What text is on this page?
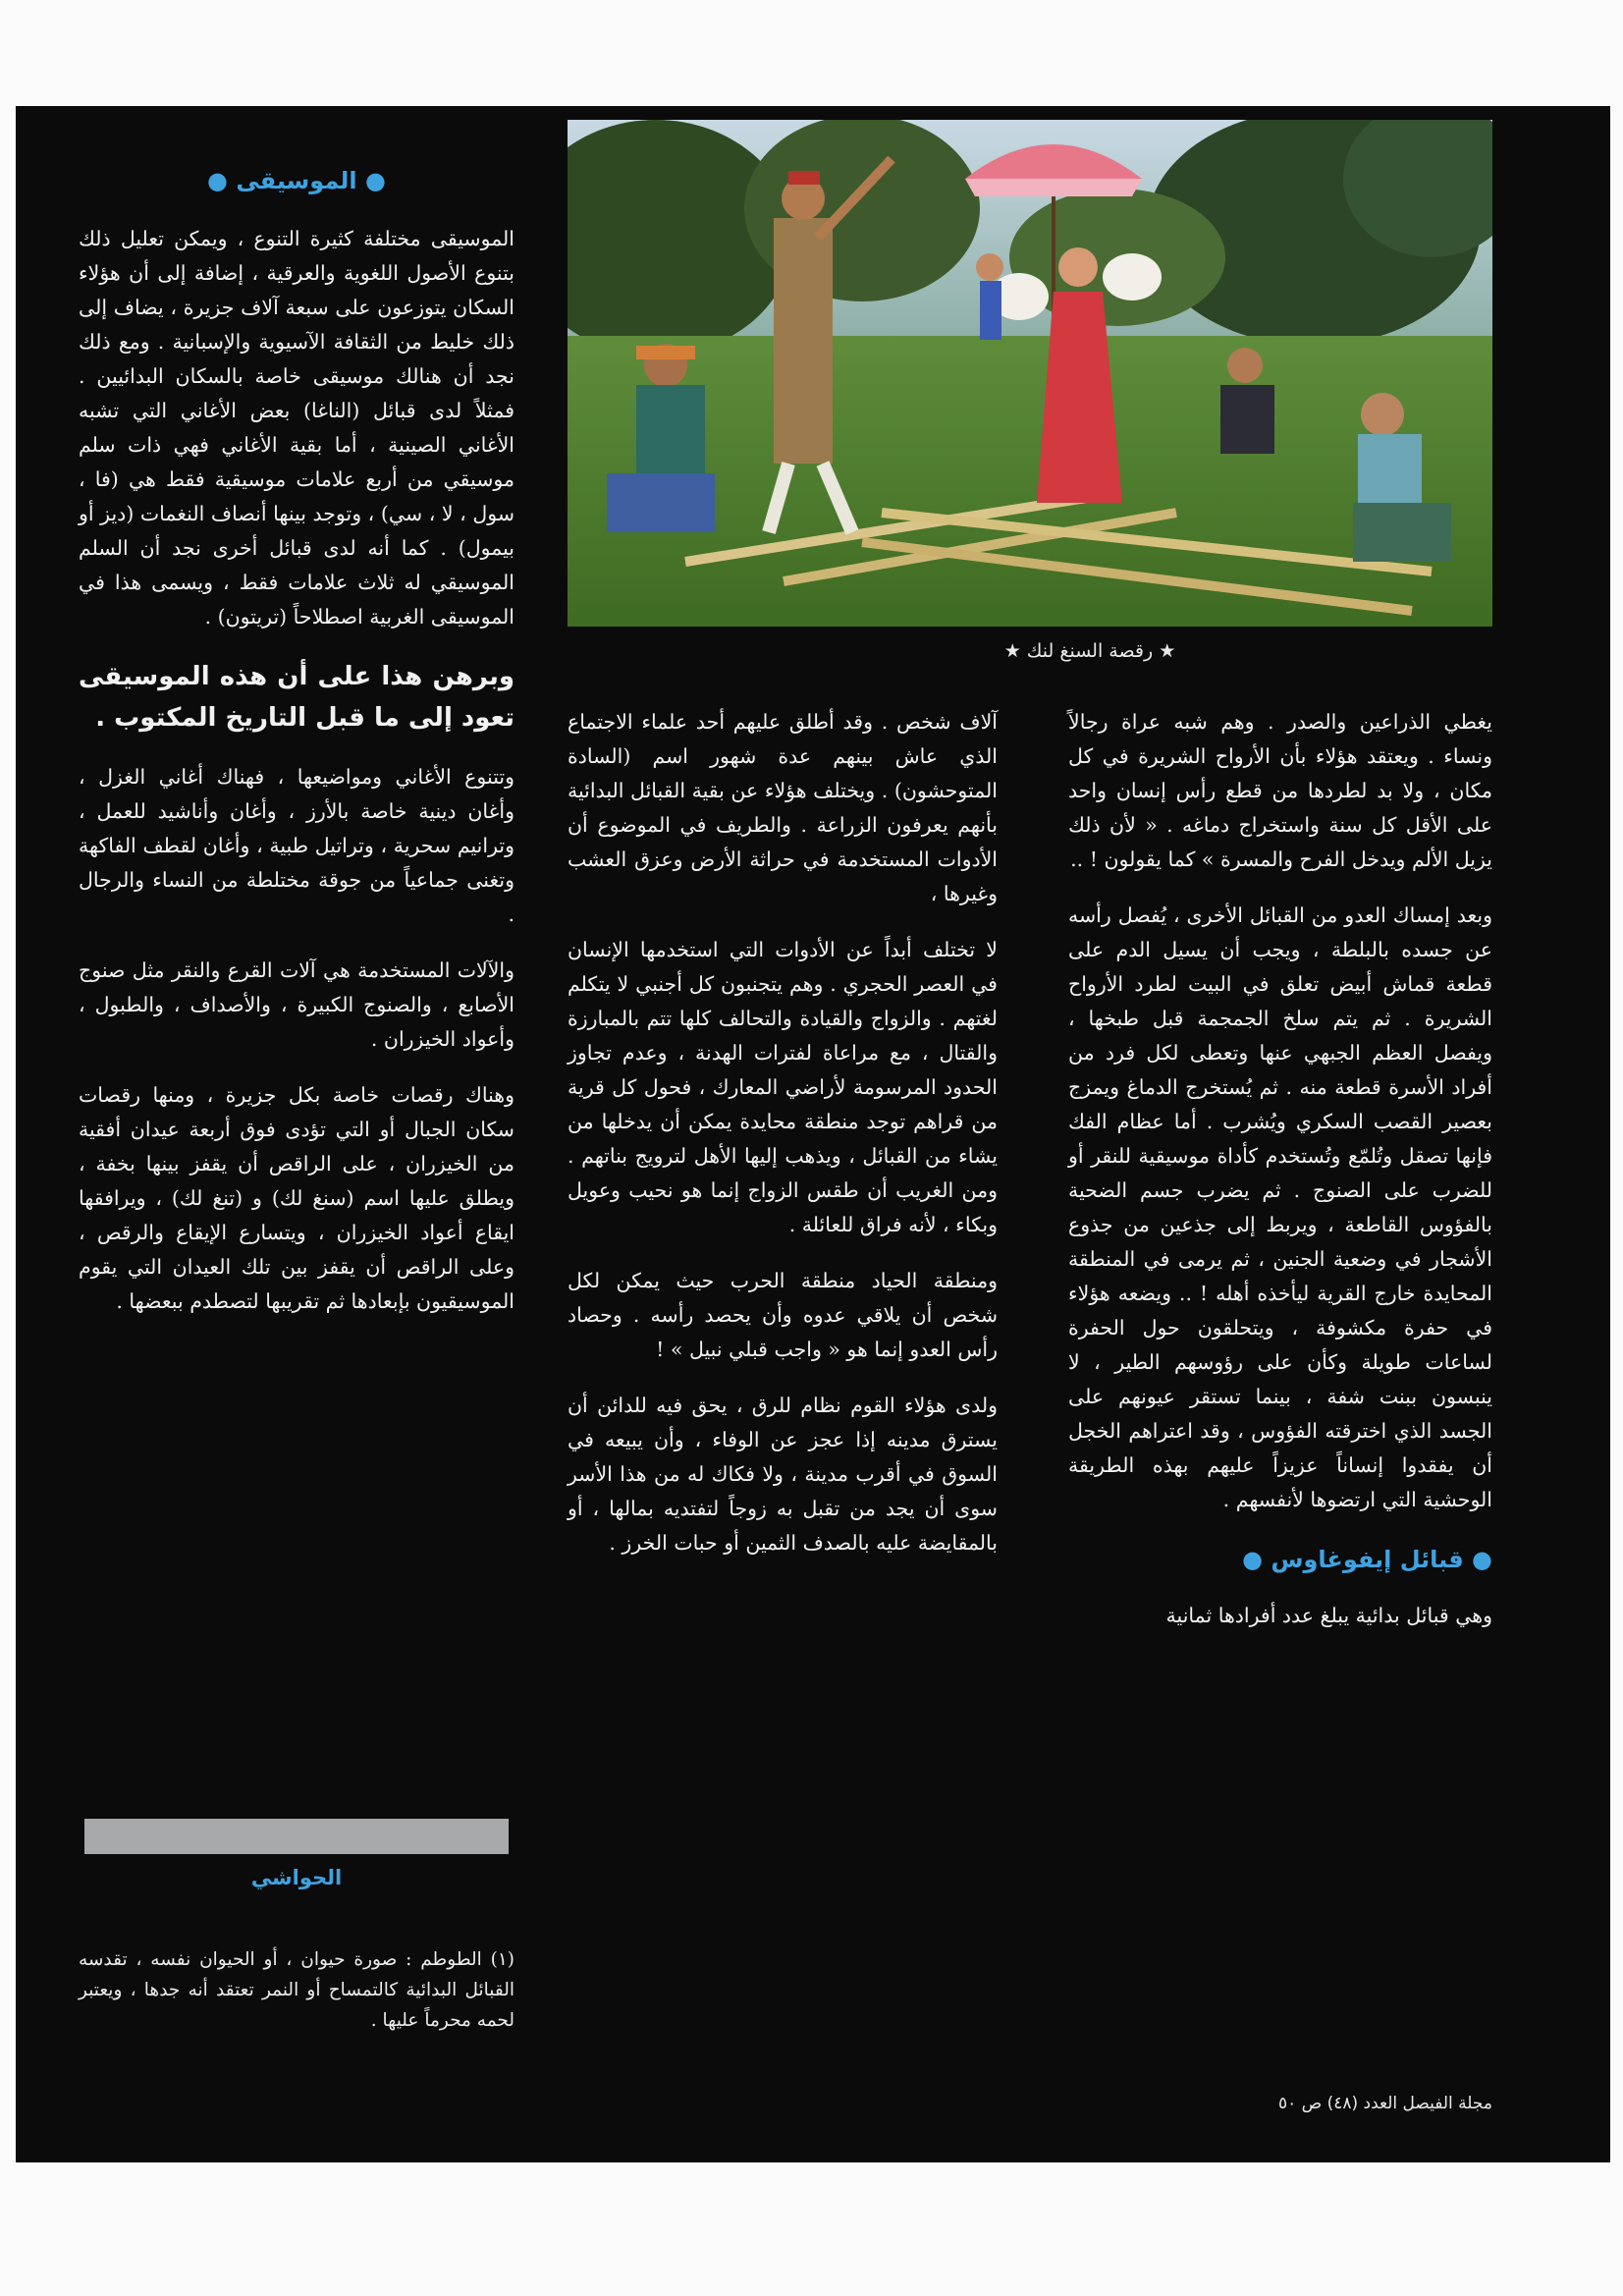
★ رقصة السنغ لنك ★
● الموسيقى ●

الموسيقى مختلفة كثيرة التنوع ، ويمكن تعليل ذلك بتنوع الأصول اللغوية والعرقية ، إضافة إلى أن هؤلاء السكان يتوزعون على سبعة آلاف جزيرة ، يضاف إلى ذلك خليط من الثقافة الآسيوية والإسبانية . ومع ذلك نجد أن هنالك موسيقى خاصة بالسكان البدائيين . فمثلاً لدى قبائل (الناغا) بعض الأغاني التي تشبه الأغاني الصينية ، أما بقية الأغاني فهي ذات سلم موسيقي من أربع علامات موسيقية فقط هي (فا ، سول ، لا ، سي) ، وتوجد بينها أنصاف النغمات (ديز أو بيمول) . كما أنه لدى قبائل أخرى نجد أن السلم الموسيقي له ثلاث علامات فقط ، ويسمى هذا في الموسيقى الغربية اصطلاحاً (تريتون) .

وبرهن هذا على أن هذه الموسيقى تعود إلى ما قبل التاريخ المكتوب .

وتتنوع الأغاني ومواضيعها ، فهناك أغاني الغزل ، وأغان دينية خاصة بالأرز ، وأغان وأناشيد للعمل ، وترانيم سحرية ، وتراتيل طبية ، وأغان لقطف الفاكهة وتغنى جماعياً من جوقة مختلطة من النساء والرجال .

والآلات المستخدمة هي آلات القرع والنقر مثل صنوج الأصابع ، والصنوج الكبيرة ، والأصداف ، والطبول ، وأعواد الخيزران .

وهناك رقصات خاصة بكل جزيرة ، ومنها رقصات سكان الجبال أو التي تؤدى فوق أربعة عيدان أفقية من الخيزران ، على الراقص أن يقفز بينها بخفة ، ويطلق عليها اسم (سنغ لك) و (تنغ لك) ، ويرافقها ايقاع أعواد الخيزران ، ويتسارع الإيقاع والرقص ، وعلى الراقص أن يقفز بين تلك العيدان التي يقوم الموسيقيون بإبعادها ثم تقريبها لتصطدم ببعضها .

الحواشي
(١) الطوطم : صورة حيوان ، أو الحيوان نفسه ، تقدسه القبائل البدائية كالتمساح أو النمر تعتقد أنه جدها ، ويعتبر لحمه محرماً عليها .

آلاف شخص . وقد أطلق عليهم أحد علماء الاجتماع الذي عاش بينهم عدة شهور اسم (السادة المتوحشون) . ويختلف هؤلاء عن بقية القبائل البدائية بأنهم يعرفون الزراعة . والطريف في الموضوع أن الأدوات المستخدمة في حراثة الأرض وعزق العشب وغيرها ،

لا تختلف أبداً عن الأدوات التي استخدمها الإنسان في العصر الحجري . وهم يتجنبون كل أجنبي لا يتكلم لغتهم . والزواج والقيادة والتحالف كلها تتم بالمبارزة والقتال ، مع مراعاة لفترات الهدنة ، وعدم تجاوز الحدود المرسومة لأراضي المعارك ، فحول كل قرية من قراهم توجد منطقة محايدة يمكن أن يدخلها من يشاء من القبائل ، ويذهب إليها الأهل لترويج بناتهم . ومن الغريب أن طقس الزواج إنما هو نحيب وعويل وبكاء ، لأنه فراق للعائلة .

ومنطقة الحياد منطقة الحرب حيث يمكن لكل شخص أن يلاقي عدوه وأن يحصد رأسه . وحصاد رأس العدو إنما هو « واجب قبلي نبيل » !

ولدى هؤلاء القوم نظام للرق ، يحق فيه للدائن أن يسترق مدينه إذا عجز عن الوفاء ، وأن يبيعه في السوق في أقرب مدينة ، ولا فكاك له من هذا الأسر سوى أن يجد من تقبل به زوجاً لتفتديه بمالها ، أو بالمقايضة عليه بالصدف الثمين أو حبات الخرز .

يغطي الذراعين والصدر . وهم شبه عراة رجالاً ونساء . ويعتقد هؤلاء بأن الأرواح الشريرة في كل مكان ، ولا بد لطردها من قطع رأس إنسان واحد على الأقل كل سنة واستخراج دماغه . « لأن ذلك يزيل الألم ويدخل الفرح والمسرة » كما يقولون ! ..

وبعد إمساك العدو من القبائل الأخرى ، يُفصل رأسه عن جسده بالبلطة ، ويجب أن يسيل الدم على قطعة قماش أبيض تعلق في البيت لطرد الأرواح الشريرة . ثم يتم سلخ الجمجمة قبل طبخها ، ويفصل العظم الجبهي عنها وتعطى لكل فرد من أفراد الأسرة قطعة منه . ثم يُستخرج الدماغ ويمزج بعصير القصب السكري ويُشرب . أما عظام الفك فإنها تصقل وتُلمّع وتُستخدم كأداة موسيقية للنقر أو للضرب على الصنوج . ثم يضرب جسم الضحية بالفؤوس القاطعة ، ويربط إلى جذعين من جذوع الأشجار في وضعية الجنين ، ثم يرمى في المنطقة المحايدة خارج القرية ليأخذه أهله ! .. ويضعه هؤلاء في حفرة مكشوفة ، ويتحلقون حول الحفرة لساعات طويلة وكأن على رؤوسهم الطير ، لا ينبسون ببنت شفة ، بينما تستقر عيونهم على الجسد الذي اخترقته الفؤوس ، وقد اعتراهم الخجل أن يفقدوا إنساناً عزيزاً عليهم بهذه الطريقة الوحشية التي ارتضوها لأنفسهم .

● قبائل إيفوغاوس ●

وهي قبائل بدائية يبلغ عدد أفرادها ثمانية

مجلة الفيصل العدد (٤٨) ص ٥٠
